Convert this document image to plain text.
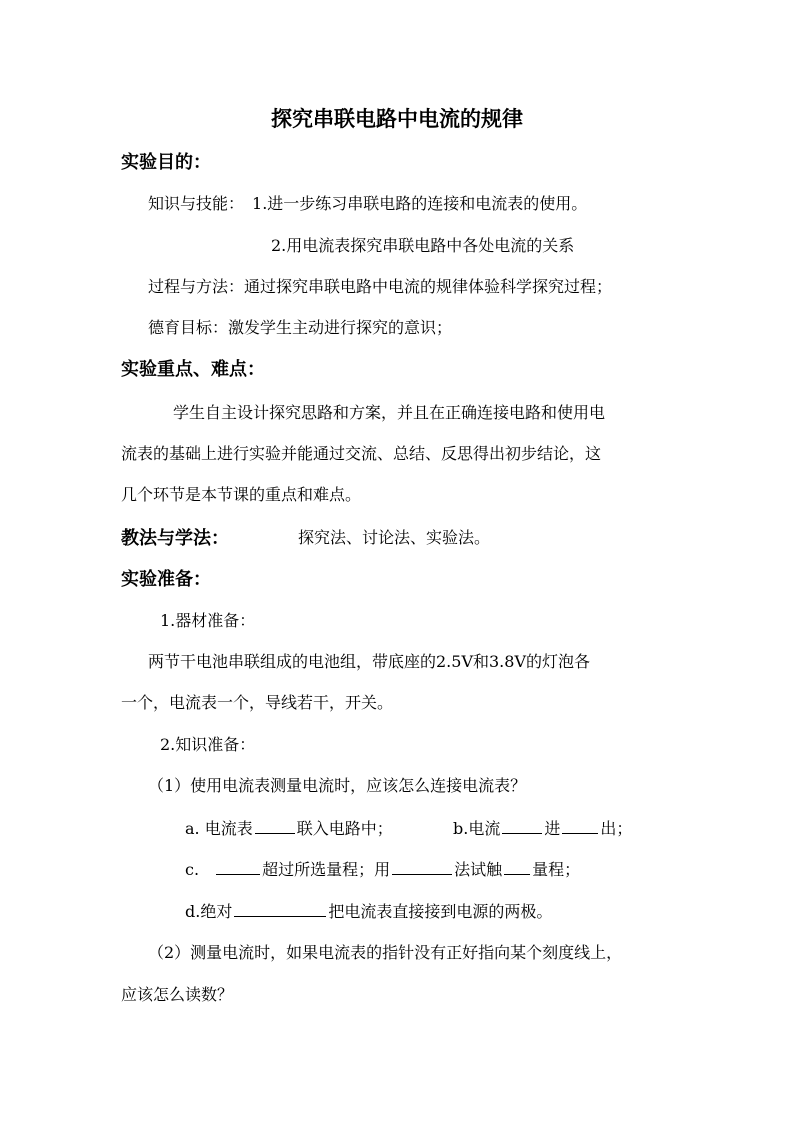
探究串联电路中电流的规律
实验目的：
知识与技能： 1.进一步练习串联电路的连接和电流表的使用。
2.用电流表探究串联电路中各处电流的关系
过程与方法：通过探究串联电路中电流的规律体验科学探究过程；
德育目标：激发学生主动进行探究的意识；
实验重点、难点：
学生自主设计探究思路和方案，并且在正确连接电路和使用电
流表的基础上进行实验并能通过交流、总结、反思得出初步结论，这
几个环节是本节课的重点和难点。
教法与学法：	探究法、讨论法、实验法。
实验准备：
1.器材准备：
两节干电池串联组成的电池组，带底座的2.5V和3.8V的灯泡各
一个，电流表一个，导线若干，开关。
2.知识准备：
（1）使用电流表测量电流时，应该怎么连接电流表？
a. 电流表	联入电路中；	b.电流	进	出；
c.	超过所选量程；用	法试触 量程；
d.绝对	把电流表直接接到电源的两极。
（2）测量电流时，如果电流表的指针没有正好指向某个刻度线上，
应该怎么读数？
